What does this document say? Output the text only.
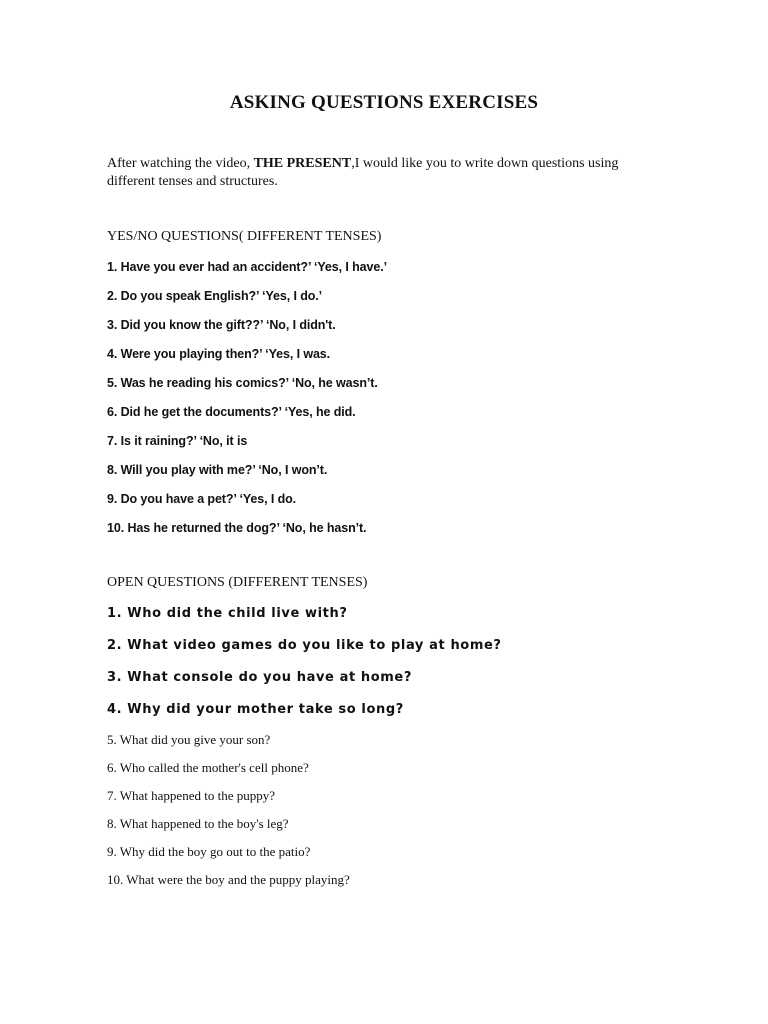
ASKING QUESTIONS EXERCISES

After watching the video, THE PRESENT,I would like you to write down questions using different tenses and structures.

YES/NO QUESTIONS( DIFFERENT TENSES)
1. Have you ever had an accident?’ ‘Yes, I have.’
2. Do you speak English?’ ‘Yes, I do.’
3. Did you know the gift??’ ‘No, I didn't.
4. Were you playing then?’ ‘Yes, I was.
5. Was he reading his comics?’ ‘No, he wasn’t.
6. Did he get the documents?’ ‘Yes, he did.
7. Is it raining?’ ‘No, it is
8. Will you play with me?’ ‘No, I won’t.
9. Do you have a pet?’ ‘Yes, I do.
10. Has he returned the dog?’ ‘No, he hasn’t.
OPEN QUESTIONS (DIFFERENT TENSES)
1. Who did the child live with?
2. What video games do you like to play at home?
3. What console do you have at home?
4. Why did your mother take so long?
5. What did you give your son?
6. Who called the mother's cell phone?
7. What happened to the puppy?
8. What happened to the boy's leg?
9. Why did the boy go out to the patio?
10. What were the boy and the puppy playing?
